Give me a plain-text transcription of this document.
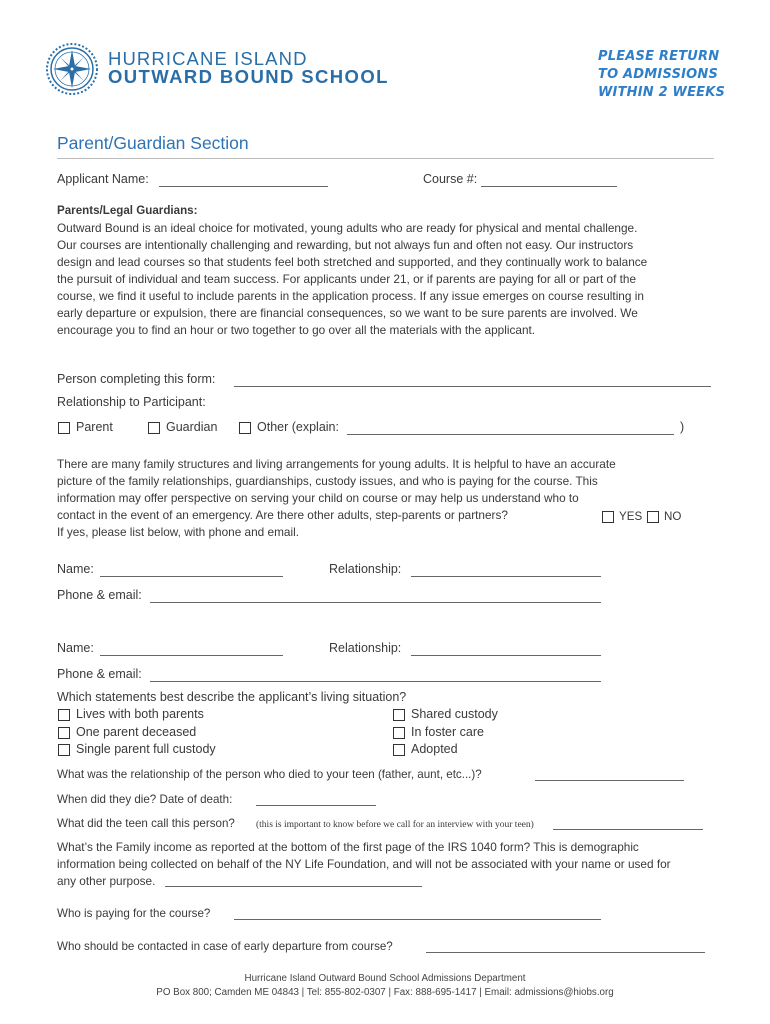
HURRICANE ISLAND
OUTWARD BOUND SCHOOL
PLEASE RETURN
TO ADMISSIONS
WITHIN 2 WEEKS
Parent/Guardian Section
Applicant Name:	Course #:
Parents/Legal Guardians:
Outward Bound is an ideal choice for motivated, young adults who are ready for physical and mental challenge.
Our courses are intentionally challenging and rewarding, but not always fun and often not easy. Our instructors
design and lead courses so that students feel both stretched and supported, and they continually work to balance
the pursuit of individual and team success. For applicants under 21, or if parents are paying for all or part of the
course, we find it useful to include parents in the application process. If any issue emerges on course resulting in
early departure or expulsion, there are financial consequences, so we want to be sure parents are involved. We
encourage you to find an hour or two together to go over all the materials with the applicant.
Person completing this form:
Relationship to Participant:
Parent	Guardian	Other (explain:	)
There are many family structures and living arrangements for young adults. It is helpful to have an accurate
picture of the family relationships, guardianships, custody issues, and who is paying for the course. This
information may offer perspective on serving your child on course or may help us understand who to
contact in the event of an emergency. Are there other adults, step-parents or partners?
If yes, please list below, with phone and email.
YES NO
Name:	Relationship:
Phone & email:
Name:	Relationship:
Phone & email:
Which statements best describe the applicant’s living situation?
Lives with both parents
One parent deceased
Single parent full custody
Shared custody
In foster care
Adopted
What was the relationship of the person who died to your teen (father, aunt, etc...)?
When did they die? Date of death:
What did the teen call this person? (this is important to know before we call for an interview with your teen)
What’s the Family income as reported at the bottom of the first page of the IRS 1040 form? This is demographic
information being collected on behalf of the NY Life Foundation, and will not be associated with your name or used for
any other purpose.
Who is paying for the course?
Who should be contacted in case of early departure from course?
Hurricane Island Outward Bound School Admissions Department
PO Box 800; Camden ME 04843 | Tel: 855-802-0307 | Fax: 888-695-1417 | Email: admissions@hiobs.org
